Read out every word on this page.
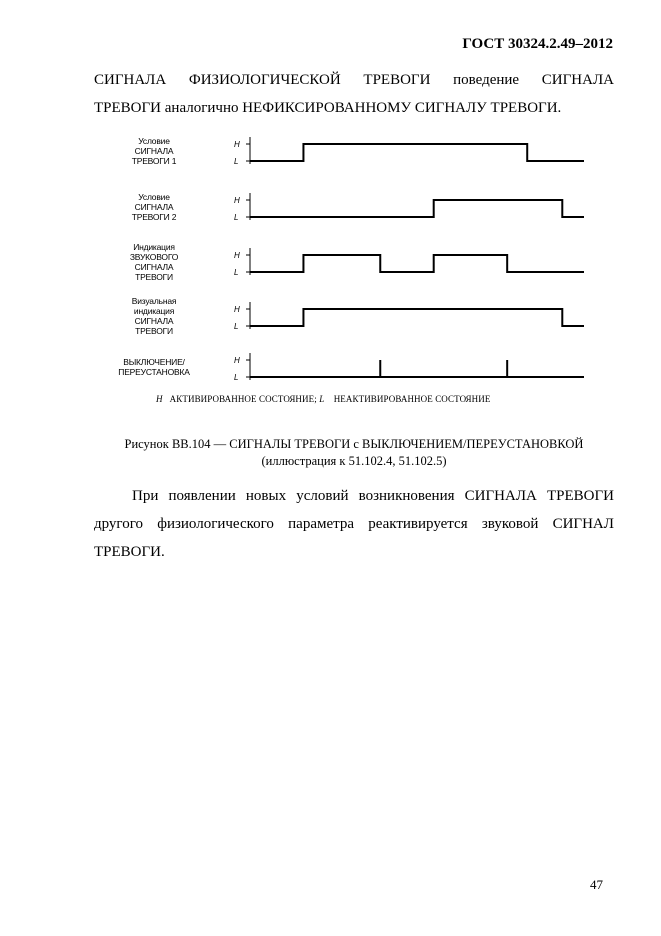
ГОСТ 30324.2.49–2012
СИГНАЛА ФИЗИОЛОГИЧЕСКОЙ ТРЕВОГИ поведение СИГНАЛА
ТРЕВОГИ аналогично НЕФИКСИРОВАННОМУ СИГНАЛУ ТРЕВОГИ.
H
L
H
L
H
L
H
L
H
L
Условие
СИГНАЛА
ТРЕВОГИ 1
Условие
СИГНАЛА
ТРЕВОГИ 2
Индикация
ЗВУКОВОГО
СИГНАЛА
ТРЕВОГИ
Визуальная
индикация
СИГНАЛА
ТРЕВОГИ
ВЫКЛЮЧЕНИЕ/
ПЕРЕУСТАНОВКА
H АКТИВИРОВАННОЕ СОСТОЯНИЕ; L НЕАКТИВИРОВАННОЕ СОСТОЯНИЕ
Рисунок ВВ.104 — СИГНАЛЫ ТРЕВОГИ с ВЫКЛЮЧЕНИЕМ/ПЕРЕУСТАНОВКОЙ
(иллюстрация к 51.102.4, 51.102.5)
При появлении новых условий возникновения СИГНАЛА ТРЕВОГИ
другого физиологического параметра реактивируется звуковой СИГНАЛ
ТРЕВОГИ.
47
